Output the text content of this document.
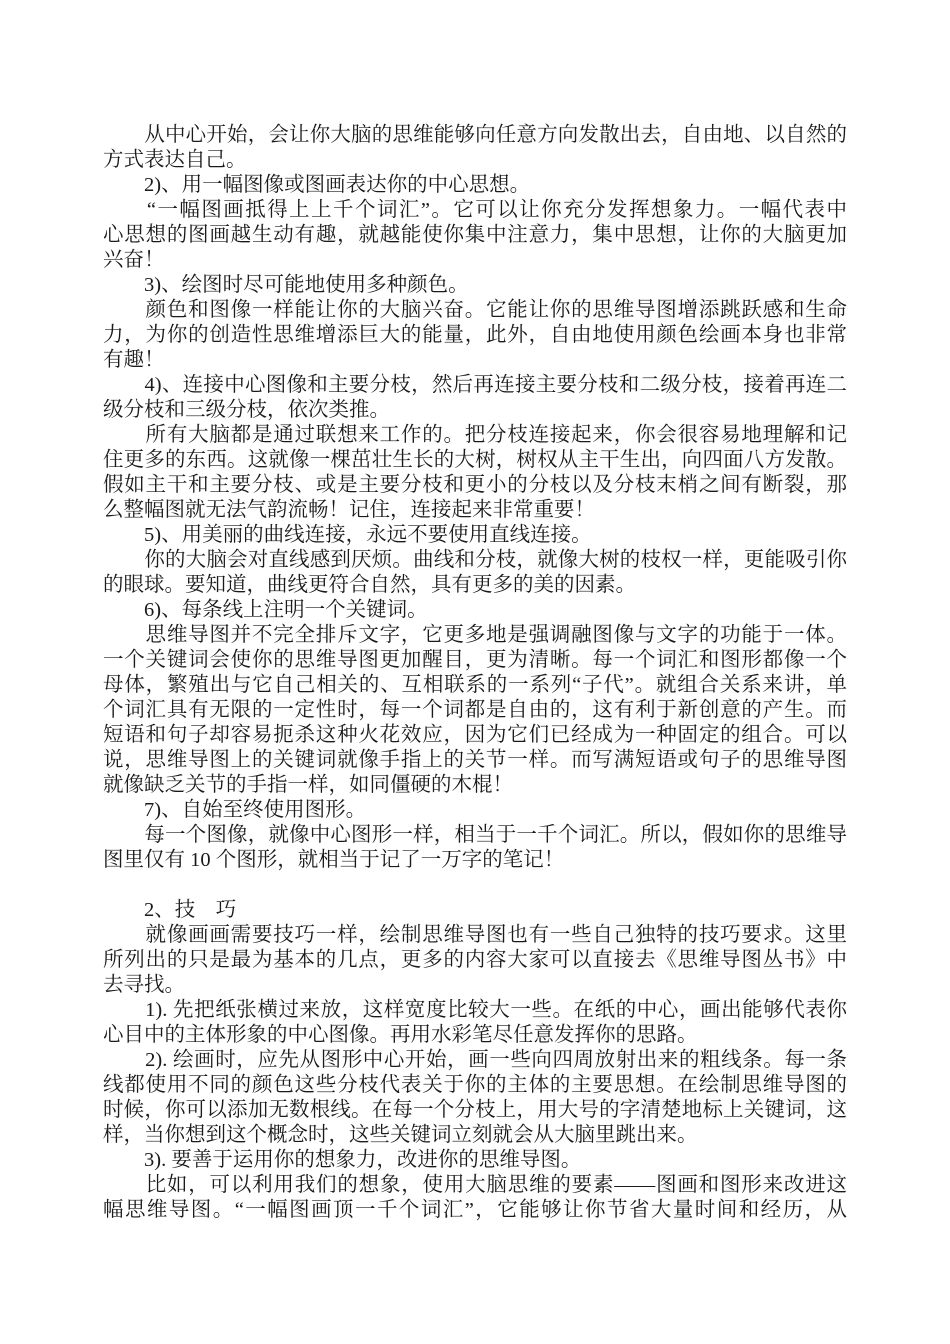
　　从中心开始，会让你大脑的思维能够向任意方向发散出去，自由地、以自然的
方式表达自己。
　　2)、用一幅图像或图画表达你的中心思想。
　　“一幅图画抵得上上千个词汇”。它可以让你充分发挥想象力。一幅代表中
心思想的图画越生动有趣，就越能使你集中注意力，集中思想，让你的大脑更加
兴奋！
　　3)、绘图时尽可能地使用多种颜色。
　　颜色和图像一样能让你的大脑兴奋。它能让你的思维导图增添跳跃感和生命
力，为你的创造性思维增添巨大的能量，此外，自由地使用颜色绘画本身也非常
有趣！
　　4)、连接中心图像和主要分枝，然后再连接主要分枝和二级分枝，接着再连二
级分枝和三级分枝，依次类推。
　　所有大脑都是通过联想来工作的。把分枝连接起来，你会很容易地理解和记
住更多的东西。这就像一棵茁壮生长的大树，树权从主干生出，向四面八方发散。
假如主干和主要分枝、或是主要分枝和更小的分枝以及分枝末梢之间有断裂，那
么整幅图就无法气韵流畅！记住，连接起来非常重要！
　　5)、用美丽的曲线连接，永远不要使用直线连接。
　　你的大脑会对直线感到厌烦。曲线和分枝，就像大树的枝权一样，更能吸引你
的眼球。要知道，曲线更符合自然，具有更多的美的因素。
　　6)、每条线上注明一个关键词。
　　思维导图并不完全排斥文字，它更多地是强调融图像与文字的功能于一体。
一个关键词会使你的思维导图更加醒目，更为清晰。每一个词汇和图形都像一个
母体，繁殖出与它自己相关的、互相联系的一系列“子代”。就组合关系来讲，单
个词汇具有无限的一定性时，每一个词都是自由的，这有利于新创意的产生。而
短语和句子却容易扼杀这种火花效应，因为它们已经成为一种固定的组合。可以
说，思维导图上的关键词就像手指上的关节一样。而写满短语或句子的思维导图
就像缺乏关节的手指一样，如同僵硬的木棍！
　　7)、自始至终使用图形。
　　每一个图像，就像中心图形一样，相当于一千个词汇。所以，假如你的思维导
图里仅有 10 个图形，就相当于记了一万字的笔记！
　　2、技　巧
　　就像画画需要技巧一样，绘制思维导图也有一些自己独特的技巧要求。这里
所列出的只是最为基本的几点，更多的内容大家可以直接去《思维导图丛书》中
去寻找。
　　1). 先把纸张横过来放，这样宽度比较大一些。在纸的中心，画出能够代表你
心目中的主体形象的中心图像。再用水彩笔尽任意发挥你的思路。
　　2). 绘画时，应先从图形中心开始，画一些向四周放射出来的粗线条。每一条
线都使用不同的颜色这些分枝代表关于你的主体的主要思想。在绘制思维导图的
时候，你可以添加无数根线。在每一个分枝上，用大号的字清楚地标上关键词，这
样，当你想到这个概念时，这些关键词立刻就会从大脑里跳出来。
　　3). 要善于运用你的想象力，改进你的思维导图。
　　比如，可以利用我们的想象，使用大脑思维的要素——图画和图形来改进这
幅思维导图。“一幅图画顶一千个词汇”，它能够让你节省大量时间和经历，从
